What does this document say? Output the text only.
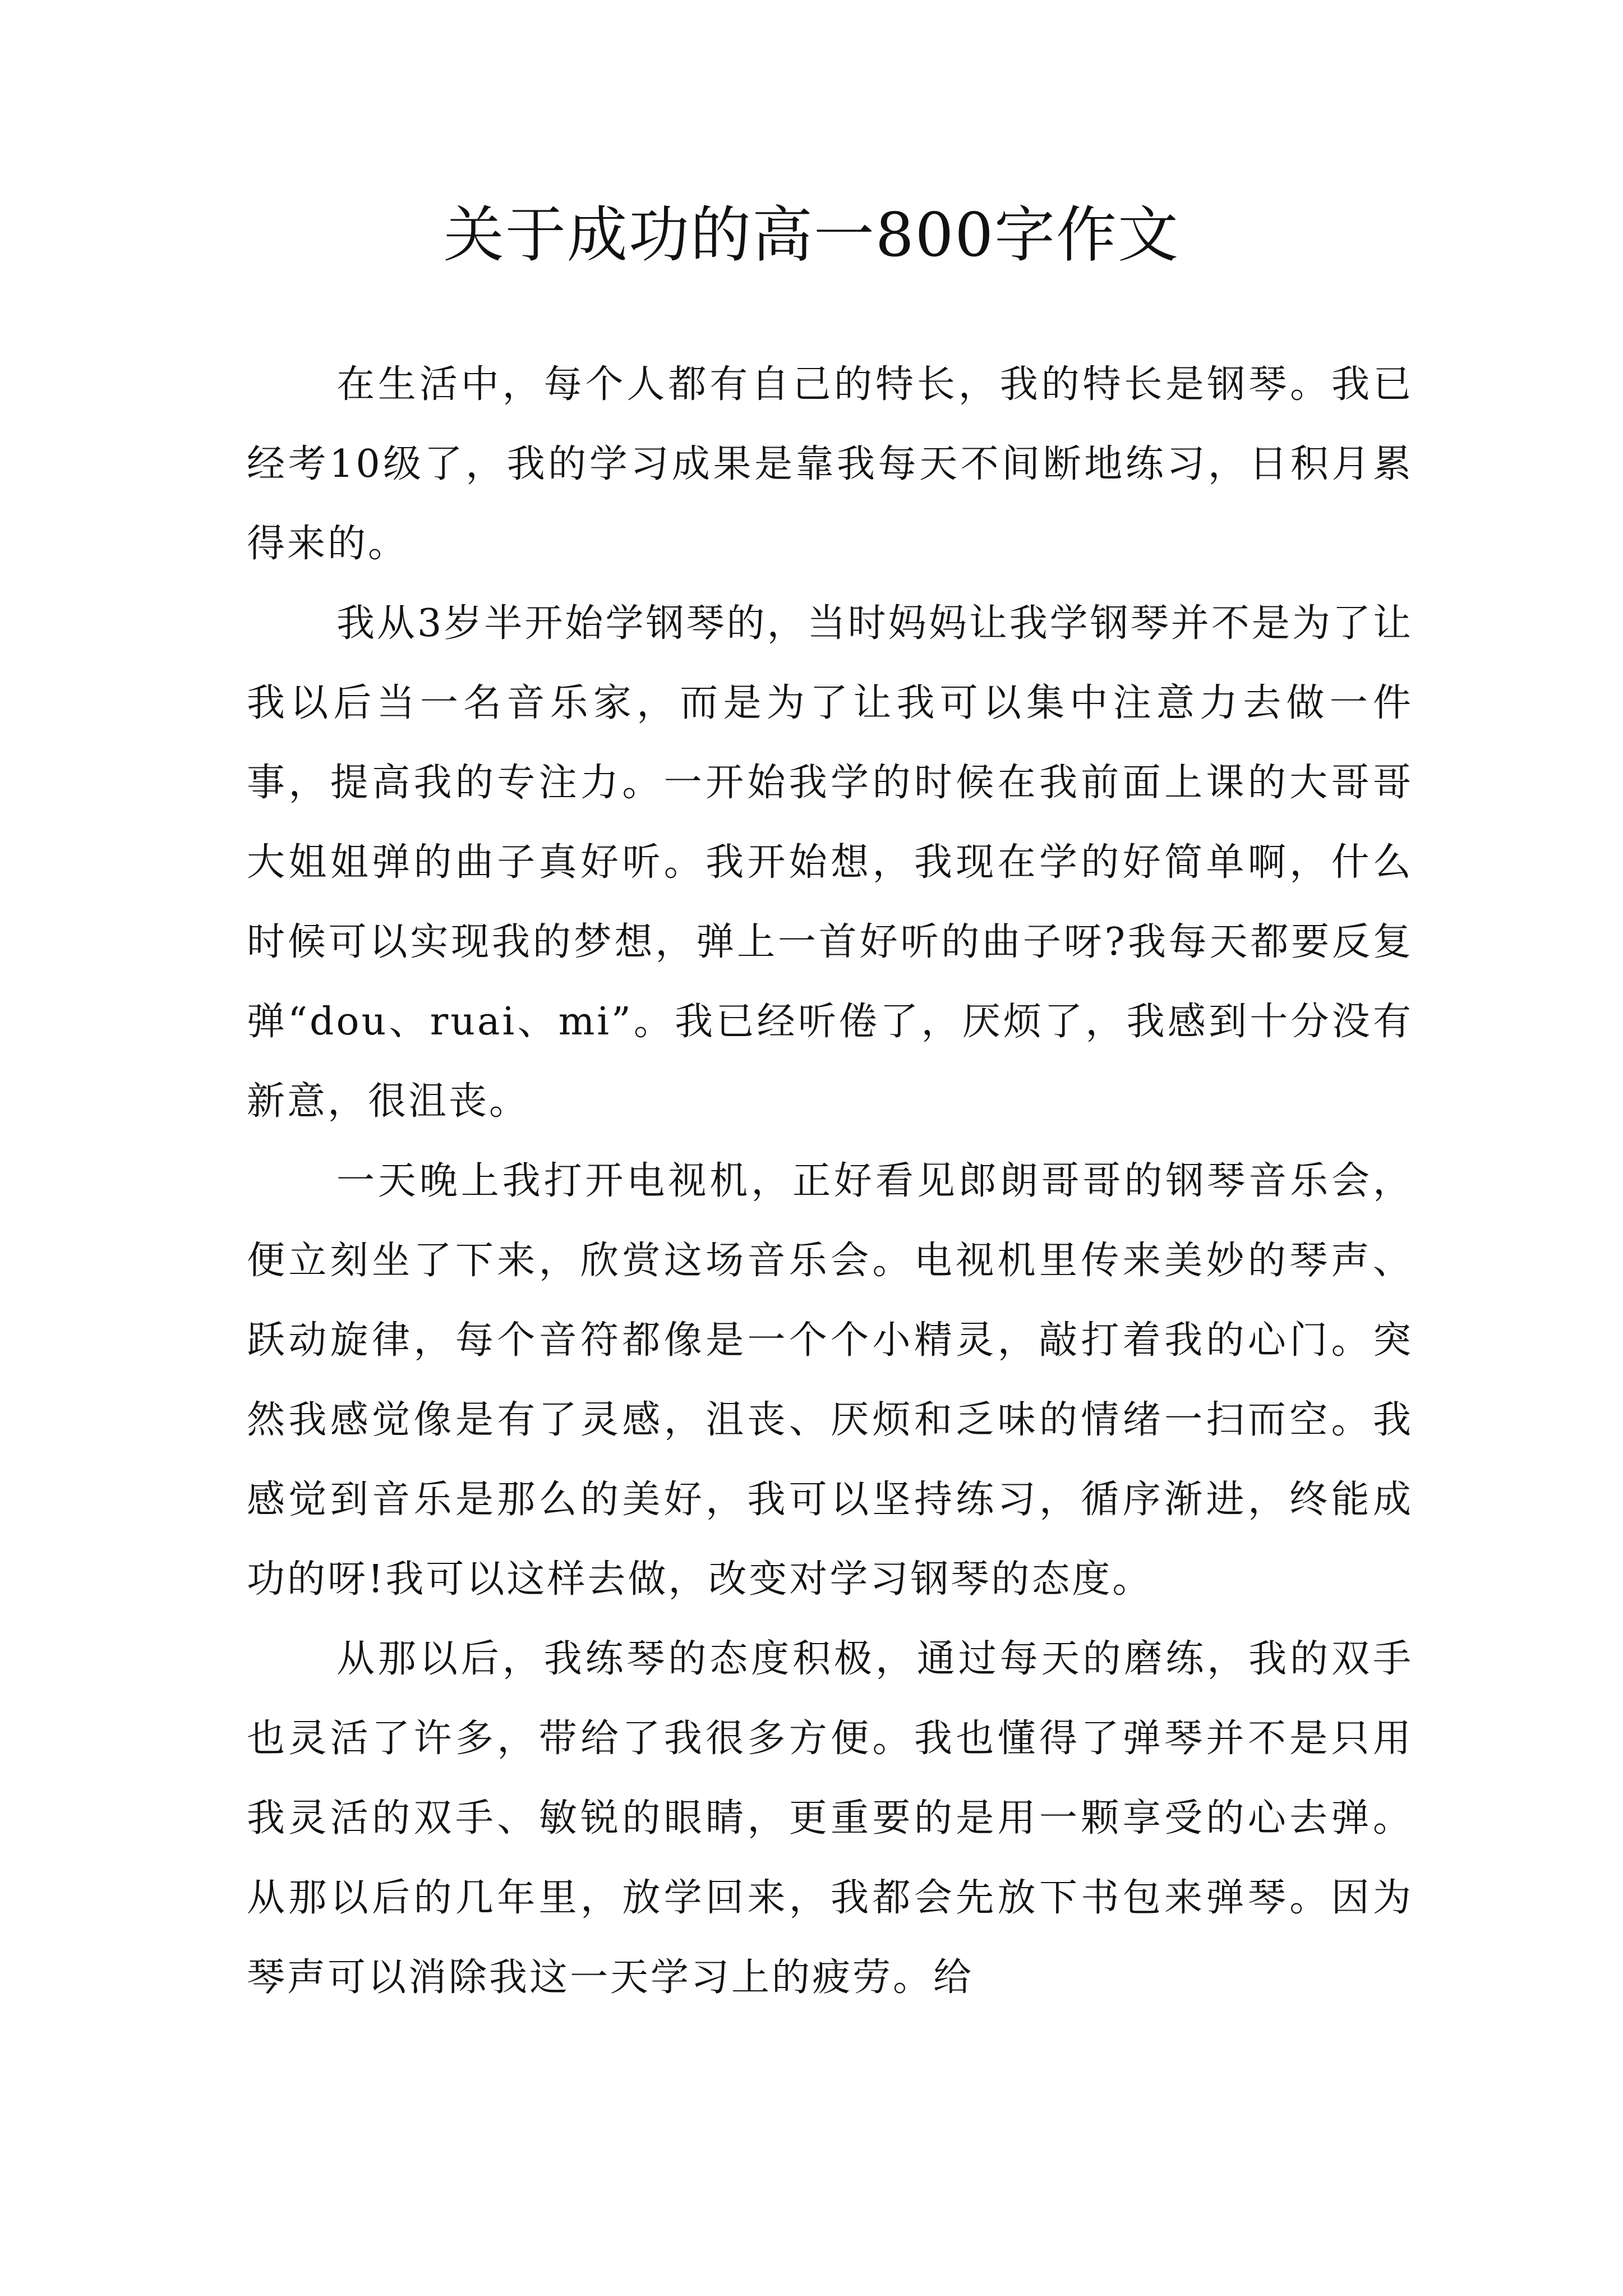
关于成功的高一800字作文

在生活中，每个人都有自己的特长，我的特长是钢琴。我已经考10级了，我的学习成果是靠我每天不间断地练习，日积月累得来的。

我从3岁半开始学钢琴的，当时妈妈让我学钢琴并不是为了让我以后当一名音乐家，而是为了让我可以集中注意力去做一件事，提高我的专注力。一开始我学的时候在我前面上课的大哥哥大姐姐弹的曲子真好听。我开始想，我现在学的好简单啊，什么时候可以实现我的梦想，弹上一首好听的曲子呀?我每天都要反复弹“dou、ruai、mi”。我已经听倦了，厌烦了，我感到十分没有新意，很沮丧。

一天晚上我打开电视机，正好看见郎朗哥哥的钢琴音乐会，便立刻坐了下来，欣赏这场音乐会。电视机里传来美妙的琴声、跃动旋律，每个音符都像是一个个小精灵，敲打着我的心门。突然我感觉像是有了灵感，沮丧、厌烦和乏味的情绪一扫而空。我感觉到音乐是那么的美好，我可以坚持练习，循序渐进，终能成功的呀!我可以这样去做，改变对学习钢琴的态度。

从那以后，我练琴的态度积极，通过每天的磨练，我的双手也灵活了许多，带给了我很多方便。我也懂得了弹琴并不是只用我灵活的双手、敏锐的眼睛，更重要的是用一颗享受的心去弹。从那以后的几年里，放学回来，我都会先放下书包来弹琴。因为琴声可以消除我这一天学习上的疲劳。给
